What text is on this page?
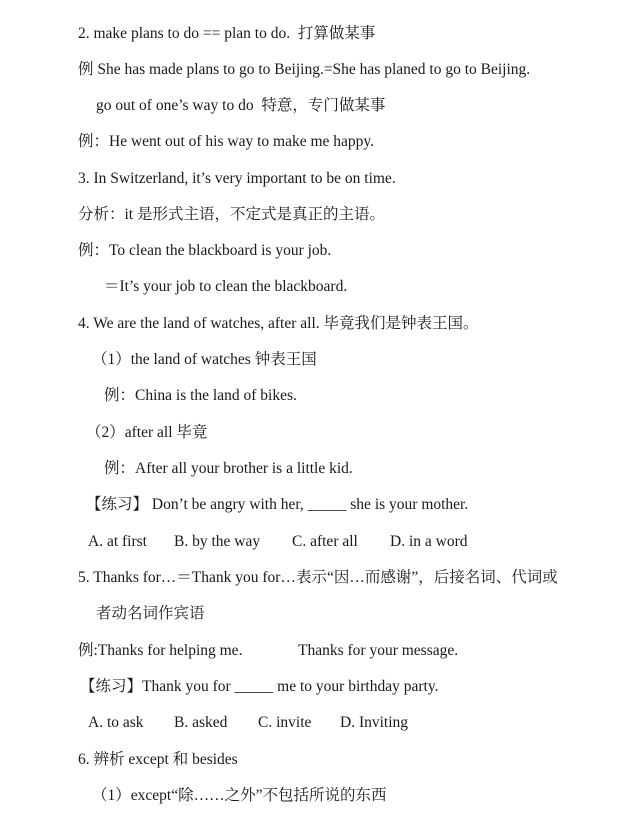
2. make plans to do == plan to do.  打算做某事
例 She has made plans to go to Beijing.=She has planed to go to Beijing.
go out of one’s way to do  特意，专门做某事
例：He went out of his way to make me happy.
3. In Switzerland, it’s very important to be on time.
分析：it 是形式主语，不定式是真正的主语。
例：To clean the blackboard is your job.
＝It’s your job to clean the blackboard.
4. We are the land of watches, after all. 毕竟我们是钟表王国。
（1）the land of watches 钟表王国
例：China is the land of bikes.
（2）after all 毕竟
例：After all your brother is a little kid.
【练习】 Don’t be angry with her, _____ she is your mother.

A. at first

B. by the way

C. after all

D. in a word

5. Thanks for…＝Thank you for…表示“因…而感谢”，后接名词、代词或
者动名词作宾语
例:Thanks for helping me.	Thanks for your message.
【练习】Thank you for _____ me to your birthday party.

A. to ask

B. asked

C. invite

D. Inviting

6. 辨析 except 和 besides
（1）except“除……之外”不包括所说的东西
